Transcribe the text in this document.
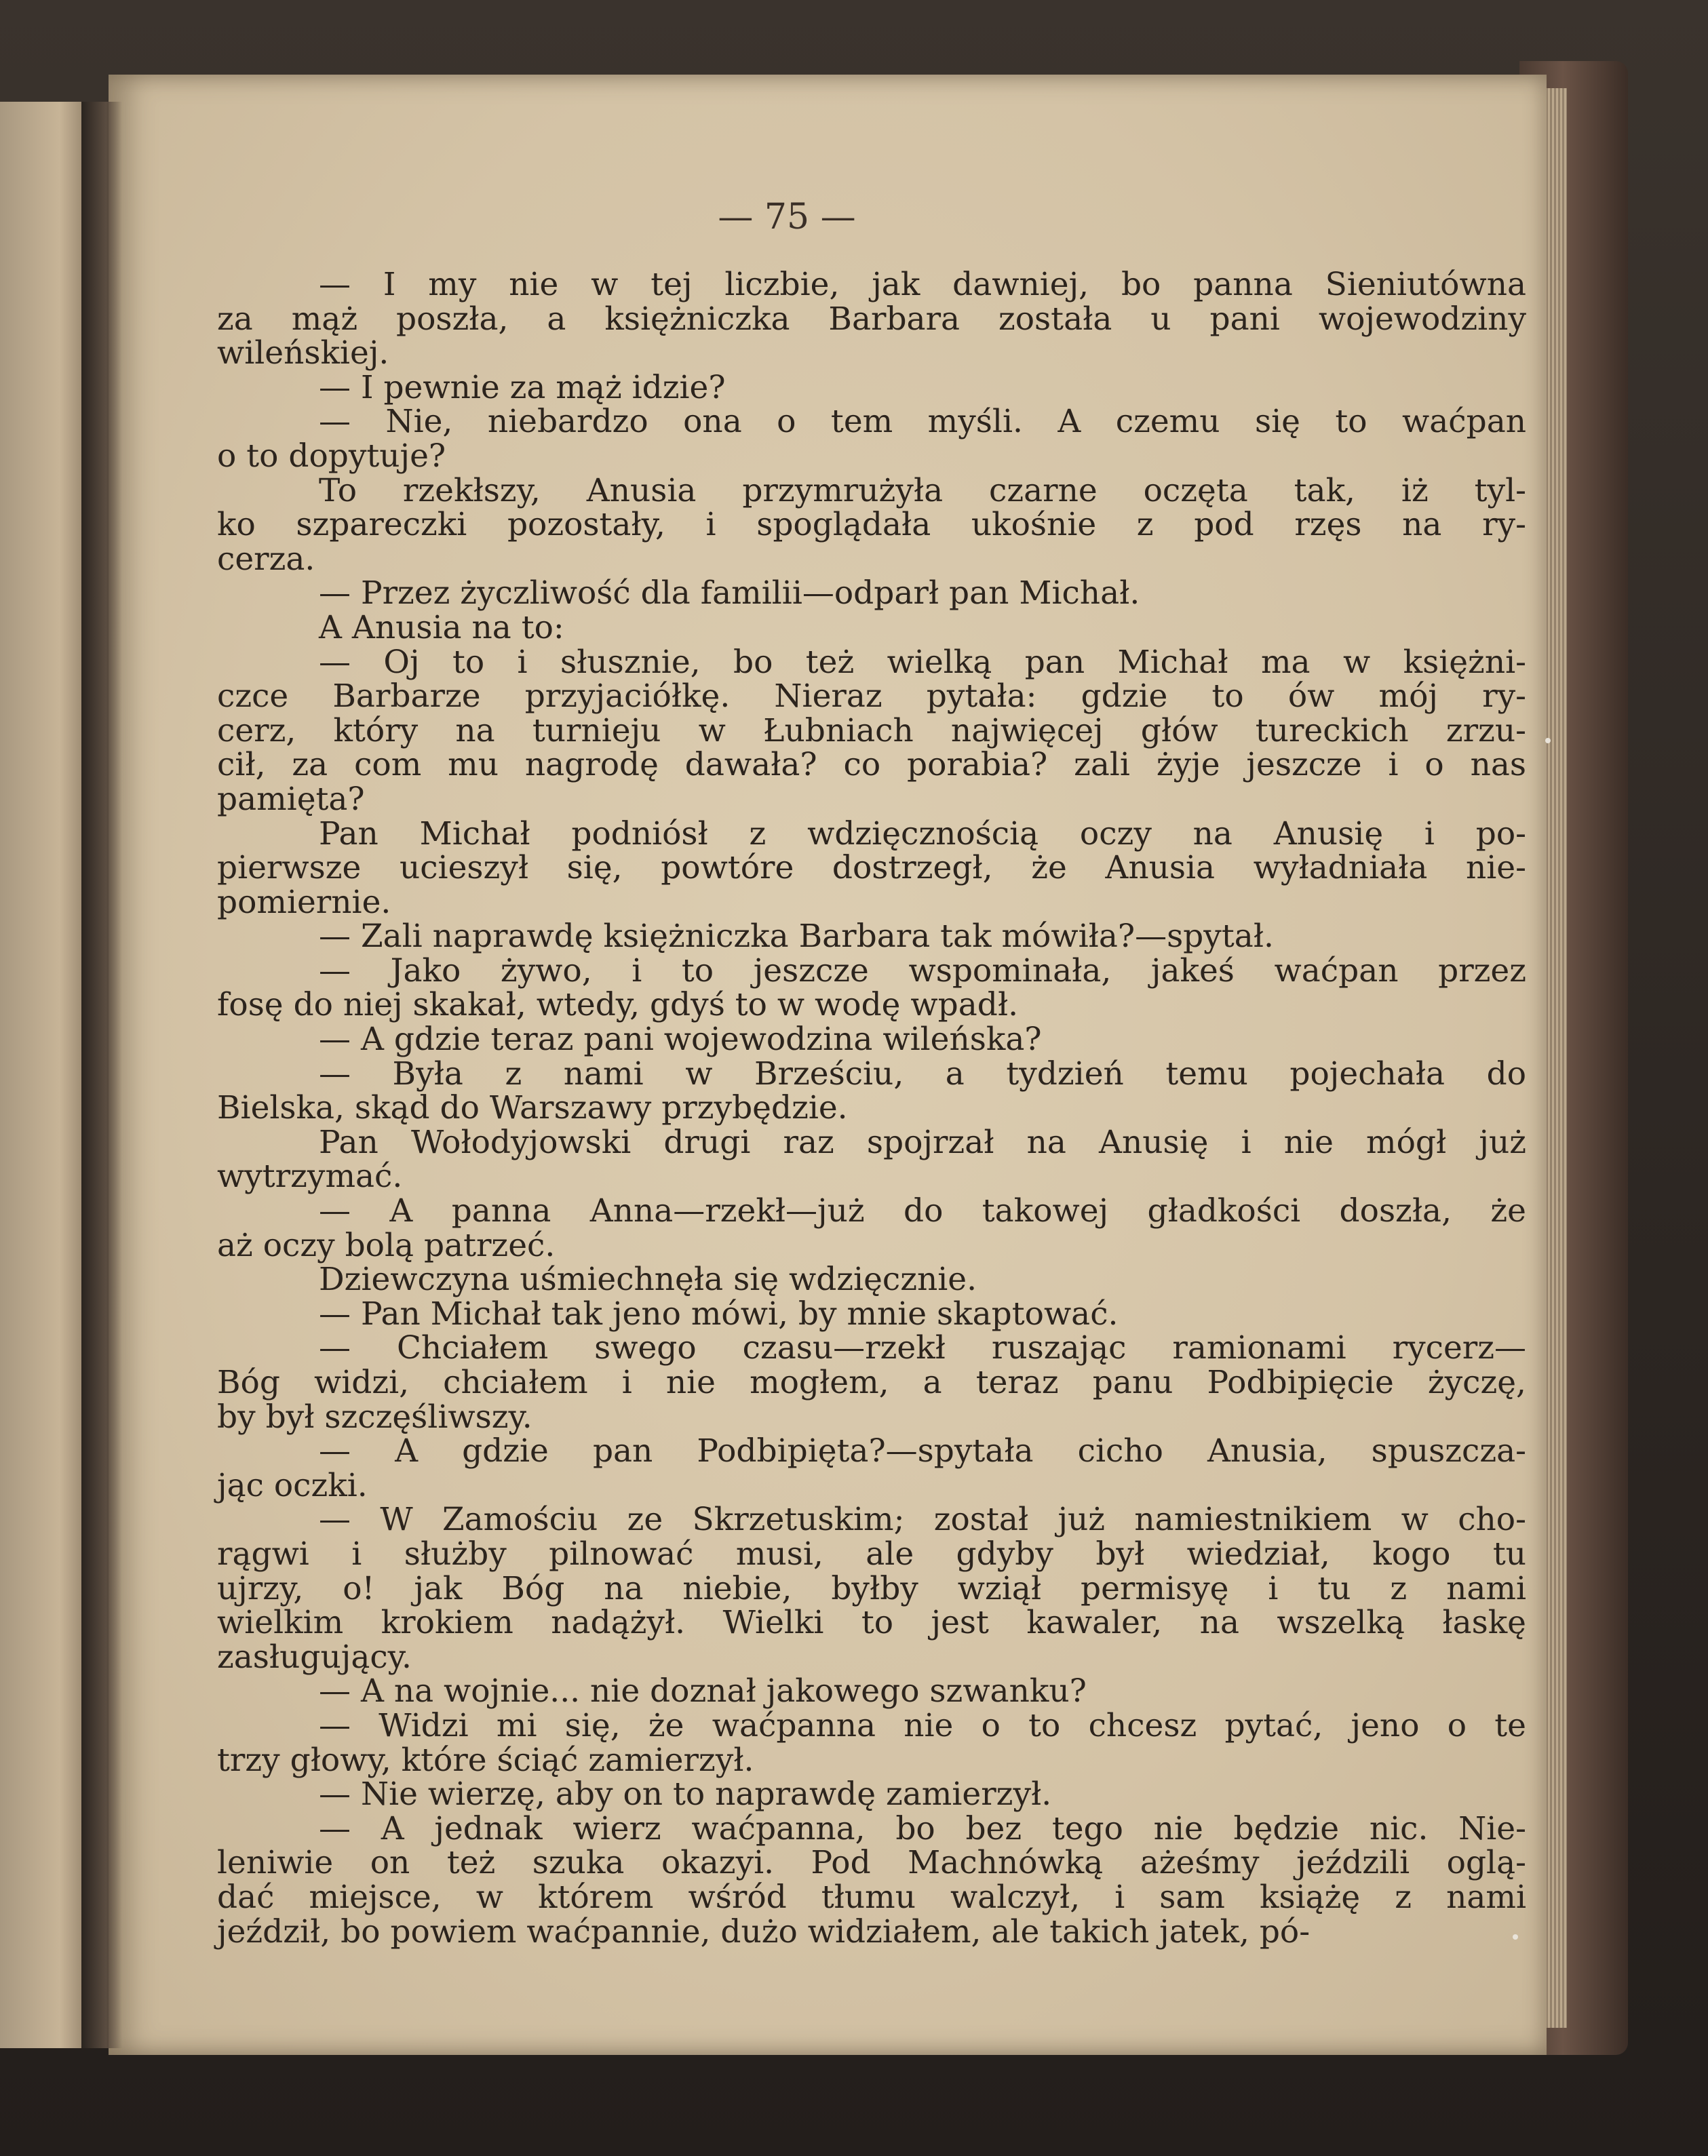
— 75 —

— I my nie w tej liczbie, jak dawniej, bo panna Sieniutówna

za mąż poszła, a księżniczka Barbara została u pani wojewodziny

wileńskiej.

— I pewnie za mąż idzie?

— Nie, niebardzo ona o tem myśli. A czemu się to waćpan

o to dopytuje?

To rzekłszy, Anusia przymrużyła czarne oczęta tak, iż tyl-

ko szpareczki pozostały, i spoglądała ukośnie z pod rzęs na ry-

cerza.

— Przez życzliwość dla familii—odparł pan Michał.

A Anusia na to:

— Oj to i słusznie, bo też wielką pan Michał ma w księżni-

czce Barbarze przyjaciółkę. Nieraz pytała: gdzie to ów mój ry-

cerz, który na turnieju w Łubniach najwięcej głów tureckich zrzu-

cił, za com mu nagrodę dawała? co porabia? zali żyje jeszcze i o nas

pamięta?

Pan Michał podniósł z wdzięcznością oczy na Anusię i po-

pierwsze ucieszył się, powtóre dostrzegł, że Anusia wyładniała nie-

pomiernie.

— Zali naprawdę księżniczka Barbara tak mówiła?—spytał.

— Jako żywo, i to jeszcze wspominała, jakeś waćpan przez

fosę do niej skakał, wtedy, gdyś to w wodę wpadł.

— A gdzie teraz pani wojewodzina wileńska?

— Była z nami w Brześciu, a tydzień temu pojechała do

Bielska, skąd do Warszawy przybędzie.

Pan Wołodyjowski drugi raz spojrzał na Anusię i nie mógł już

wytrzymać.

— A panna Anna—rzekł—już do takowej gładkości doszła, że

aż oczy bolą patrzeć.

Dziewczyna uśmiechnęła się wdzięcznie.

— Pan Michał tak jeno mówi, by mnie skaptować.

— Chciałem swego czasu—rzekł ruszając ramionami rycerz—

Bóg widzi, chciałem i nie mogłem, a teraz panu Podbipięcie życzę,

by był szczęśliwszy.

— A gdzie pan Podbipięta?—spytała cicho Anusia, spuszcza-

jąc oczki.

— W Zamościu ze Skrzetuskim; został już namiestnikiem w cho-

rągwi i służby pilnować musi, ale gdyby był wiedział, kogo tu

ujrzy, o! jak Bóg na niebie, byłby wziął permisyę i tu z nami

wielkim krokiem nadążył. Wielki to jest kawaler, na wszelką łaskę

zasługujący.

— A na wojnie... nie doznał jakowego szwanku?

— Widzi mi się, że waćpanna nie o to chcesz pytać, jeno o te

trzy głowy, które ściąć zamierzył.

— Nie wierzę, aby on to naprawdę zamierzył.

— A jednak wierz waćpanna, bo bez tego nie będzie nic. Nie-

leniwie on też szuka okazyi. Pod Machnówką ażeśmy jeździli oglą-

dać miejsce, w którem wśród tłumu walczył, i sam książę z nami

jeździł, bo powiem waćpannie, dużo widziałem, ale takich jatek, pó-
